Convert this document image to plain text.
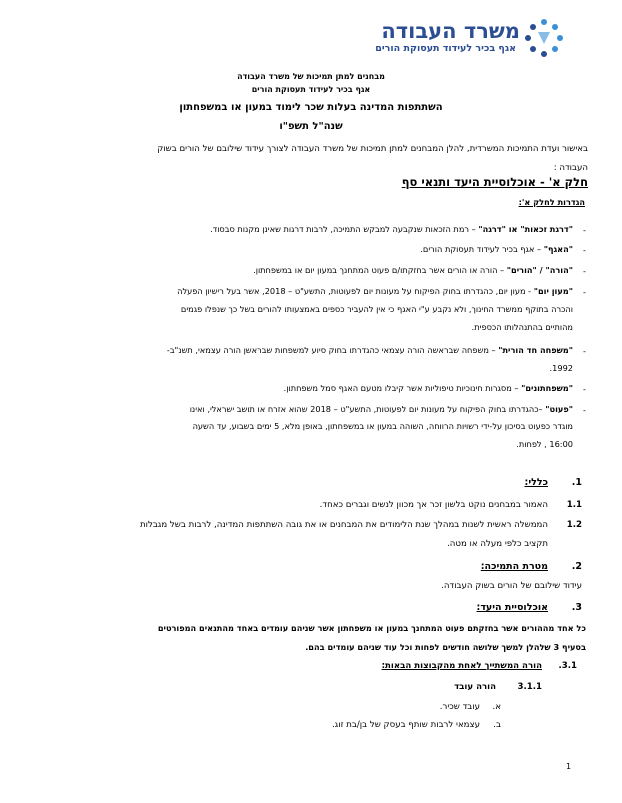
משרד העבודה
אגף בכיר לעידוד תעסוקת הורים
מבחנים למתן תמיכות של משרד העבודה
אגף בכיר לעידוד תעסוקת הורים
השתתפות המדינה בעלות שכר לימוד במעון או במשפחתון
שנה"ל תשפ"ו
באישור ועדת התמיכות המשרדית, להלן המבחנים למתן תמיכות של משרד העבודה לצורך עידוד שילובם של הורים בשוק
העבודה :
חלק א' - אוכלוסיית היעד ותנאי סף
הגדרות לחלק א':
-
"דרגת זכאות" או "דרגה" – רמת הזכאות שנקבעה למבקש התמיכה, לרבות דרגות שאינן מקנות סבסוד.
-
"האגף" – אגף בכיר לעידוד תעסוקת הורים.
-
"הורה" / "הורים" – הורה או הורים אשר בחזקתו/ם פעוט המתחנך במעון יום או במשפחתון.
-
"מעון יום" - מעון יום, כהגדרתו בחוק הפיקוח על מעונות יום לפעוטות, התשע"ט – 2018, אשר בעל רישיון הפעלה
והכרה בתוקף ממשרד החינוך, ולא נקבע ע"י האגף כי אין להעביר כספים באמצעותו להורים בשל כך שנפלו פגמים
מהותיים בהתנהלותו הכספית.
-
"משפחה חד הורית" – משפחה שבראשה הורה עצמאי כהגדרתו בחוק סיוע למשפחות שבראשן הורה עצמאי, תשנ"ב-
1992.
-
"משפחתונים" – מסגרות חינוכיות טיפוליות אשר קיבלו מטעם האגף סמל משפחתון.
-
"פעוט" –כהגדרתו בחוק הפיקוח על מעונות יום לפעוטות, התשע"ט – 2018 שהוא אזרח או תושב ישראלי, ואינו
מוגדר כפעוט בסיכון על-ידי רשויות הרווחה, השוהה במעון או במשפחתון, באופן מלא, 5 ימים בשבוע, עד השעה
16:00 , לפחות.
1.
כללי:
1.1
האמור במבחנים נוקט בלשון זכר אך מכוון לנשים וגברים כאחד.
1.2
הממשלה ראשית לשנות במהלך שנת הלימודים את המבחנים או את גובה השתתפות המדינה, לרבות בשל מגבלות
תקציב כלפי מעלה או מטה.
2.
מטרת התמיכה:
עידוד שילובם של הורים בשוק העבודה.
3.
אוכלוסיית היעד:
כל אחד מההורים אשר בחזקתם פעוט המתחנך במעון או משפחתון אשר שניהם עומדים באחד מהתנאים המפורטים
בסעיף 3 שלהלן למשך שלושה חודשים לפחות וכל עוד שניהם עומדים בהם.
3.1.
הורה המשתייך לאחת מהקבוצות הבאות:
3.1.1
הורה עובד
א.
עובד שכיר.
ב.
עצמאי לרבות שותף בעסק של בן/בת זוג.
1
